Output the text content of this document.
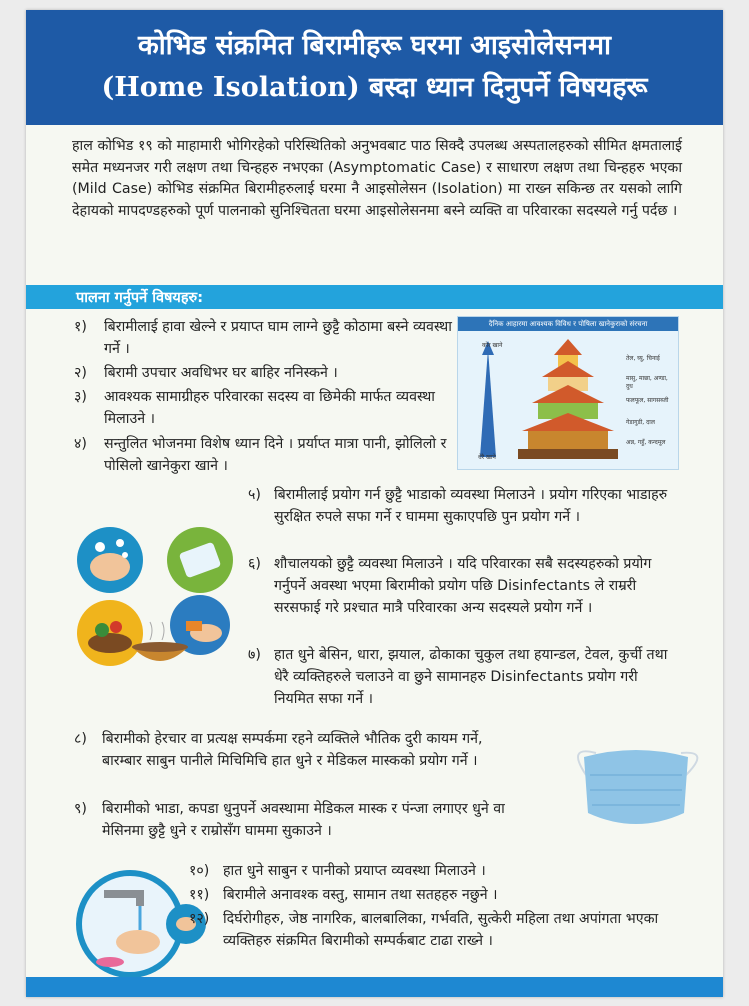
कोभिड संक्रमित बिरामीहरू घरमा आइसोलेसनमा
(Home Isolation) बस्दा ध्यान दिनुपर्ने विषयहरू

हाल कोभिड १९ को माहामारी भोगिरहेको परिस्थितिको अनुभवबाट पाठ सिक्दै उपलब्ध अस्पतालहरुको सीमित क्षमतालाई समेत मध्यनजर गरी लक्षण तथा चिन्हहरु नभएका (Asymptomatic Case) र साधारण लक्षण तथा चिन्हहरु भएका (Mild Case) कोभिड संक्रमित बिरामीहरुलाई घरमा नै आइसोलेसन (Isolation) मा राख्न सकिन्छ तर यसको लागि देहायको मापदण्डहरुको पूर्ण पालनाको सुनिश्चितता घरमा आइसोलेसनमा बस्ने व्यक्ति वा परिवारका सदस्यले गर्नु पर्दछ ।

पालना गर्नुपर्ने विषयहरु:
१)	बिरामीलाई हावा खेल्ने र प्रयाप्त घाम लाग्ने छुट्टै कोठामा बस्ने व्यवस्था गर्ने ।
२)	बिरामी उपचार अवधिभर घर बाहिर ननिस्कने ।
३)	आवश्यक सामाग्रीहरु परिवारका सदस्य वा छिमेकी मार्फत व्यवस्था मिलाउने ।
४)	सन्तुलित भोजनमा विशेष ध्यान दिने । प्रर्याप्त मात्रा पानी, झोलिलो र पोसिलो खानेकुरा खाने ।
दैनिक आहारमा आवश्यक विविध र पोषिला खानेकुराको संरचना
कोर खाने
धेरै खाने
तेल, घ्यु, चिनाई
मासु, माछा, अण्डा, दुध
फलफूल, सागसब्जी
गेडागुडी, दाल
अन्न, गहुँ, कन्दमूल
५) बिरामीलाई प्रयोग गर्न छुट्टै भाडाको व्यवस्था मिलाउने । प्रयोग गरिएका भाडाहरु सुरक्षित रुपले सफा गर्ने र घाममा सुकाएपछि पुन प्रयोग गर्ने ।
६) शौचालयको छुट्टै व्यवस्था मिलाउने । यदि परिवारका सबै सदस्यहरुको प्रयोग गर्नुपर्ने अवस्था भएमा बिरामीको प्रयोग पछि Disinfectants ले राम्ररी सरसफाई गरे प्रश्चात मात्रै परिवारका अन्य सदस्यले प्रयोग गर्ने ।
७) हात धुने बेसिन, धारा, झयाल, ढोकाका चुकुल तथा हयान्डल, टेवल, कुर्ची तथा धेरै व्यक्तिहरुले चलाउने वा छुने सामानहरु Disinfectants प्रयोग गरी नियमित सफा गर्ने ।
८)	बिरामीको हेरचार वा प्रत्यक्ष सम्पर्कमा रहने व्यक्तिले भौतिक दुरी कायम गर्ने, बारम्बार साबुन पानीले मिचिमिचि हात धुने र मेडिकल मास्कको प्रयोग गर्ने ।
९)	बिरामीको भाडा, कपडा धुनुपर्ने अवस्थामा मेडिकल मास्क र पंन्जा लगाएर धुने वा मेसिनमा छुट्टै धुने र राम्रोसँग घाममा सुकाउने ।
१०) हात धुने साबुन र पानीको प्रयाप्त व्यवस्था मिलाउने ।
११) बिरामीले अनावश्क वस्तु, सामान तथा सतहहरु नछुने ।
१२) दिर्घरोगीहरु, जेष्ठ नागरिक, बालबालिका, गर्भवति, सुत्केरी महिला तथा अपांगता भएका व्यक्तिहरु संक्रमित बिरामीको सम्पर्कबाट टाढा राख्ने ।
